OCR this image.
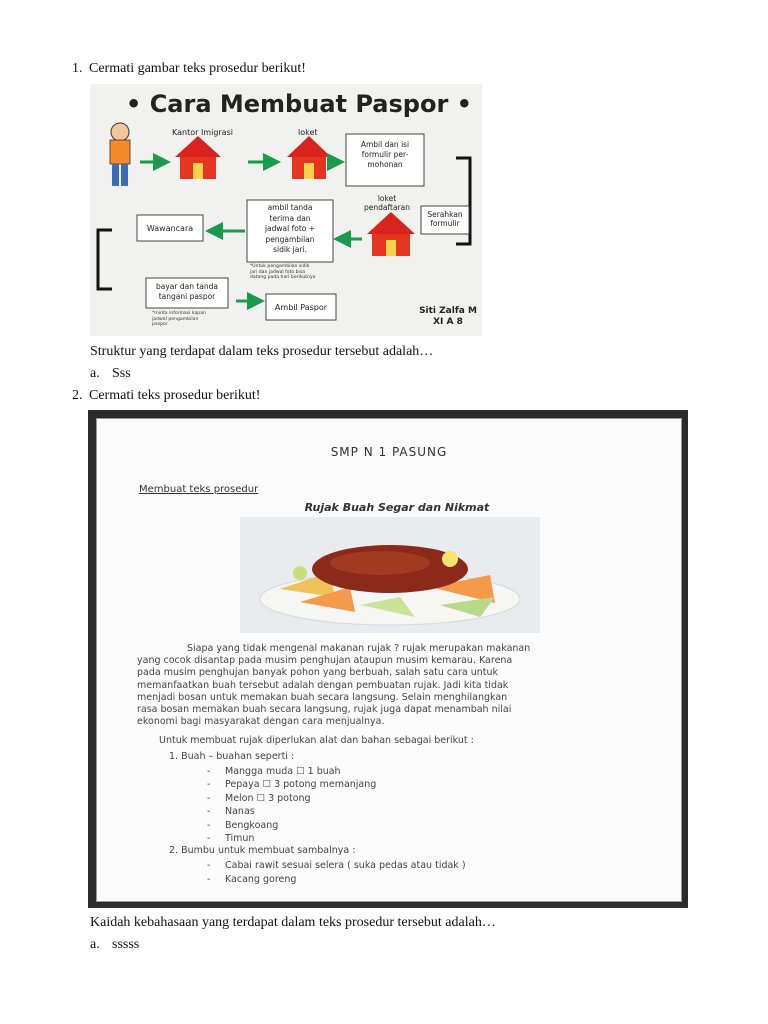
1. Cermati gambar teks prosedur berikut!
• Cara Membuat Paspor •
Kantor Imigrasi	loket
Ambil dan isi
formulir per-
mohonan
loket
pendaftaran
Serahkan
formulir
ambil tanda
terima dan
jadwal foto +
pengambilan
sidik jari.
*Untuk pengambilan sidik
jari dan jadwal foto bisa
datang pada hari berikutnya
Wawancara
bayar dan tanda
tangani paspor
*minta informasi kapan
jadwal pengambilan
paspor
Ambil Paspor	Siti Zalfa M
XI A 8
Struktur yang terdapat dalam teks prosedur tersebut adalah…
a. Sss
2. Cermati teks prosedur berikut!
SMP N 1 PASUNG
Membuat teks prosedur
Rujak Buah Segar dan Nikmat
Siapa yang tidak mengenal makanan rujak ? rujak merupakan makanan
yang cocok disantap pada musim penghujan ataupun musim kemarau. Karena
pada musim penghujan banyak pohon yang berbuah, salah satu cara untuk
memanfaatkan buah tersebut adalah dengan pembuatan rujak. Jadi kita tidak
menjadi bosan untuk memakan buah secara langsung. Selain menghilangkan
rasa bosan memakan buah secara langsung, rujak juga dapat menambah nilai
ekonomi bagi masyarakat dengan cara menjualnya.
Untuk membuat rujak diperlukan alat dan bahan sebagai berikut :
1. Buah – buahan seperti :
- Mangga muda ☐ 1 buah
- Pepaya ☐ 3 potong memanjang
- Melon ☐ 3 potong
- Nanas
- Bengkoang
- Timun
2. Bumbu untuk membuat sambalnya :
- Cabai rawit sesuai selera ( suka pedas atau tidak )
- Kacang goreng
Kaidah kebahasaan yang terdapat dalam teks prosedur tersebut adalah…
a. sssss
